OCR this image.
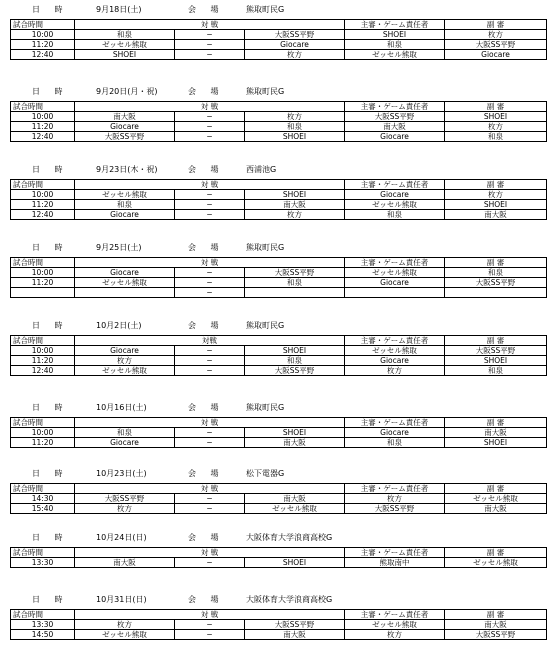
日 時	9月18日(土)	会 場	熊取町民G
試合時間	対 戦			主審・ゲーム責任者	副 審
10:00	和泉	−	大阪SS平野	SHOEI	枚方
11:20	ゼッセル熊取	−	Giocare	和泉	大阪SS平野
12:40	SHOEI	−	枚方	ゼッセル熊取	Giocare
日 時	9月20日(月・祝)	会 場	熊取町民G
試合時間	対 戦			主審・ゲーム責任者	副 審
10:00	南大阪	−	枚方	大阪SS平野	SHOEI
11:20	Giocare	−	和泉	南大阪	枚方
12:40	大阪SS平野	−	SHOEI	Giocare	和泉
日 時	9月23日(木・祝)	会 場	西浦池G
試合時間	対 戦			主審・ゲーム責任者	副 審
10:00	ゼッセル熊取	−	SHOEI	Giocare	枚方
11:20	和泉	−	南大阪	ゼッセル熊取	SHOEI
12:40	Giocare	−	枚方	和泉	南大阪
日 時	9月25日(土)	会 場	熊取町民G
試合時間	対 戦			主審・ゲーム責任者	副 審
10:00	Giocare	−	大阪SS平野	ゼッセル熊取	和泉
11:20	ゼッセル熊取	−	和泉	Giocare	大阪SS平野
		−			
日 時	10月2日(土)	会 場	熊取町民G
試合時間	対戦			主審・ゲーム責任者	副 審
10:00	Giocare	−	SHOEI	ゼッセル熊取	大阪SS平野
11:20	枚方	−	和泉	Giocare	SHOEI
12:40	ゼッセル熊取	−	大阪SS平野	枚方	和泉
日 時	10月16日(土)	会 場	熊取町民G
試合時間	対 戦			主審・ゲーム責任者	副 審
10:00	和泉	−	SHOEI	Giocare	南大阪
11:20	Giocare	−	南大阪	和泉	SHOEI
日 時	10月23日(土)	会 場	松下電器G
試合時間	対 戦			主審・ゲーム責任者	副 審
14:30	大阪SS平野	−	南大阪	枚方	ゼッセル熊取
15:40	枚方	−	ゼッセル熊取	大阪SS平野	南大阪
日 時	10月24日(日)	会 場	大阪体育大学浪商高校G
試合時間	対 戦			主審・ゲーム責任者	副 審
13:30	南大阪	−	SHOEI	熊取南中	ゼッセル熊取
日 時	10月31日(日)	会 場	大阪体育大学浪商高校G
試合時間	対 戦			主審・ゲーム責任者	副 審
13:30	枚方	−	大阪SS平野	ゼッセル熊取	南大阪
14:50	ゼッセル熊取	−	南大阪	枚方	大阪SS平野
